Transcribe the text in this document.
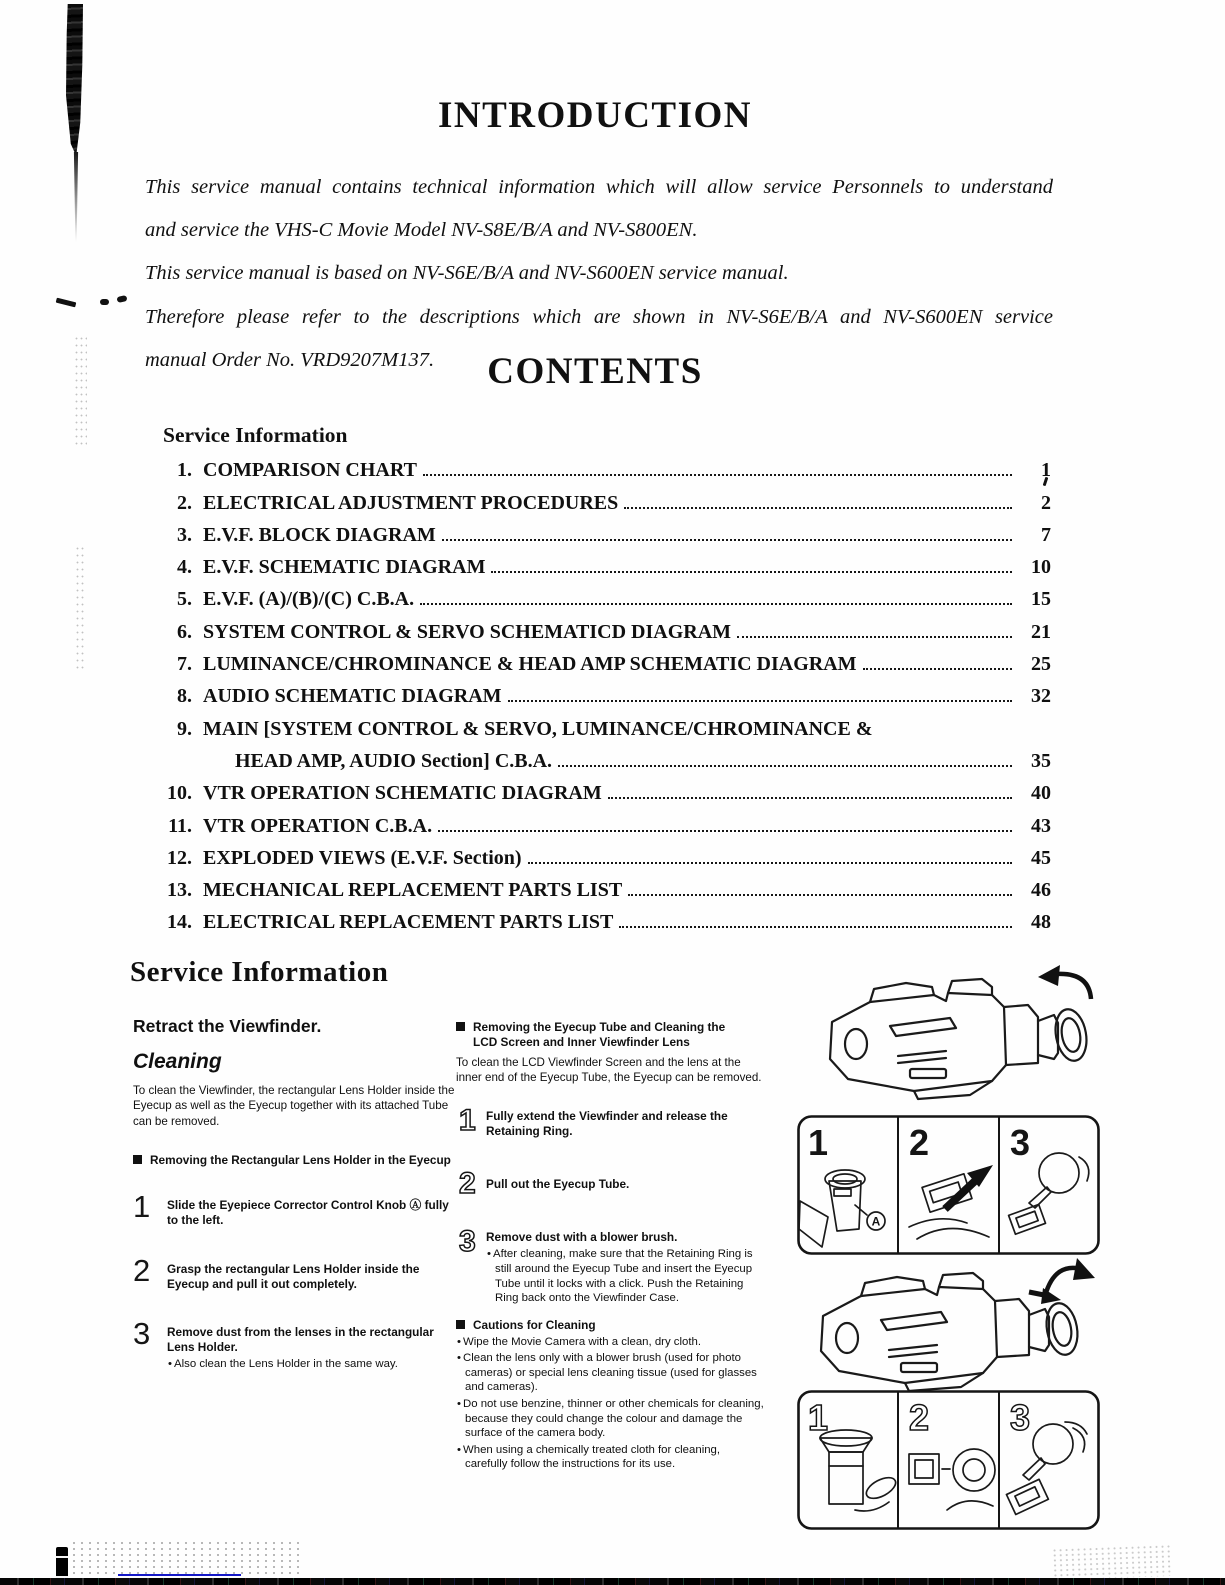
INTRODUCTION
This service manual contains technical information which will allow service Personnels to understand
and service the VHS-C Movie Model NV-S8E/B/A and NV-S800EN.
This service manual is based on NV-S6E/B/A and NV-S600EN service manual.
Therefore please refer to the descriptions which are shown in NV-S6E/B/A and NV-S600EN service
manual Order No. VRD9207M137.	CONTENTS
Service Information
1. COMPARISON CHART	1
2. ELECTRICAL ADJUSTMENT PROCEDURES	2
3. E.V.F. BLOCK DIAGRAM	7
4. E.V.F. SCHEMATIC DIAGRAM	10
5. E.V.F. (A)/(B)/(C) C.B.A.	15
6. SYSTEM CONTROL & SERVO SCHEMATICD DIAGRAM	21
7. LUMINANCE/CHROMINANCE & HEAD AMP SCHEMATIC DIAGRAM	25
8. AUDIO SCHEMATIC DIAGRAM	32
9. MAIN [SYSTEM CONTROL & SERVO, LUMINANCE/CHROMINANCE &
HEAD AMP, AUDIO Section] C.B.A.	35
10. VTR OPERATION SCHEMATIC DIAGRAM	40
11. VTR OPERATION C.B.A.	43
12. EXPLODED VIEWS (E.V.F. Section)	45
13. MECHANICAL REPLACEMENT PARTS LIST	46
14. ELECTRICAL REPLACEMENT PARTS LIST	48
Service Information
Retract the Viewfinder.
Cleaning
To clean the Viewfinder, the rectangular Lens Holder inside the Eyecup as well as the Eyecup together with its attached Tube can be removed.
Removing the Rectangular Lens Holder in the Eyecup
1	Slide the Eyepiece Corrector Control Knob Ⓐ fully to the left.
2	Grasp the rectangular Lens Holder inside the Eyecup and pull it out completely.
3	Remove dust from the lenses in the rectangular Lens Holder.
• Also clean the Lens Holder in the same way.
Removing the Eyecup Tube and Cleaning the LCD Screen and Inner Viewfinder Lens
To clean the LCD Viewfinder Screen and the lens at the inner end of the Eyecup Tube, the Eyecup can be removed.
1 Fully extend the Viewfinder and release the Retaining Ring.
2 Pull out the Eyecup Tube.
3 Remove dust with a blower brush.
• After cleaning, make sure that the Retaining Ring is still around the Eyecup Tube and insert the Eyecup Tube until it locks with a click. Push the Retaining Ring back onto the Viewfinder Case.
Cautions for Cleaning
• Wipe the Movie Camera with a clean, dry cloth.
• Clean the lens only with a blower brush (used for photo cameras) or special lens cleaning tissue (used for glasses and cameras).
• Do not use benzine, thinner or other chemicals for cleaning, because they could change the colour and damage the surface of the camera body.
• When using a chemically treated cloth for cleaning, carefully follow the instructions for its use.
1 2 3
A
1 2 3
